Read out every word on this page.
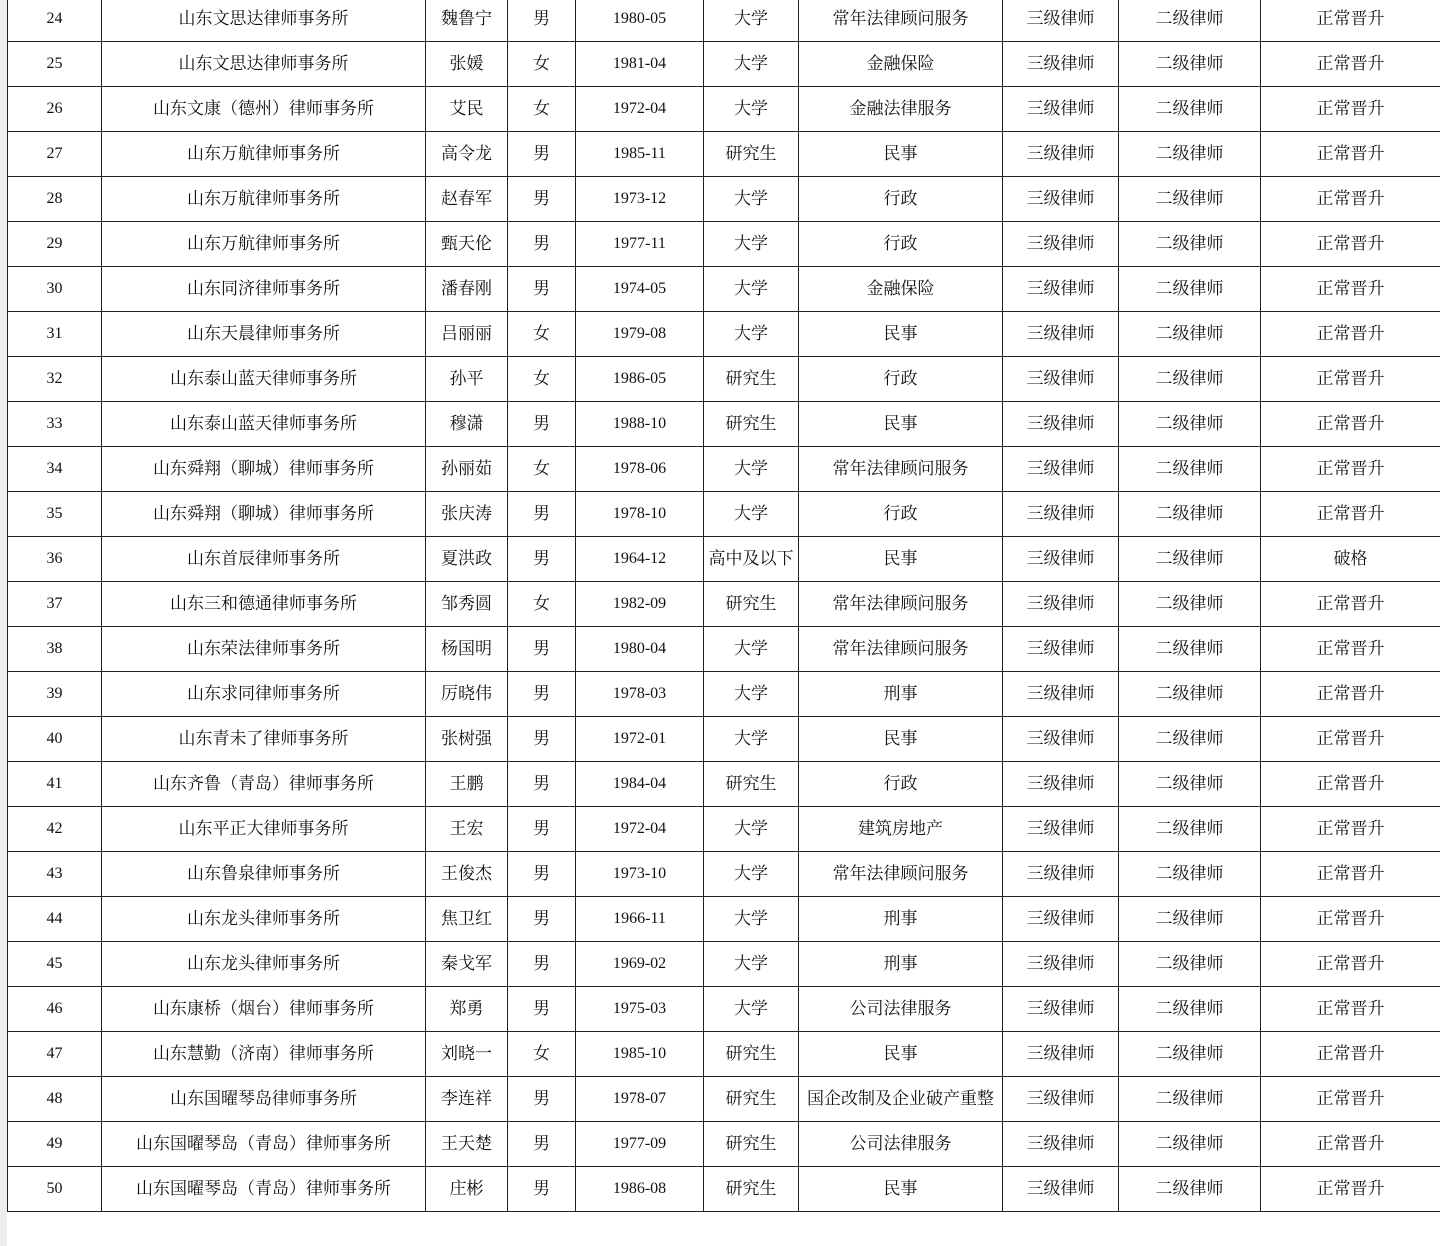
24	山东文思达律师事务所	魏鲁宁	男	1980-05	大学	常年法律顾问服务	三级律师	二级律师	正常晋升

25	山东文思达律师事务所	张媛	女	1981-04	大学	金融保险	三级律师	二级律师	正常晋升

26	山东文康（德州）律师事务所	艾民	女	1972-04	大学	金融法律服务	三级律师	二级律师	正常晋升

27	山东万航律师事务所	高令龙	男	1985-11	研究生	民事	三级律师	二级律师	正常晋升

28	山东万航律师事务所	赵春军	男	1973-12	大学	行政	三级律师	二级律师	正常晋升

29	山东万航律师事务所	甄天伦	男	1977-11	大学	行政	三级律师	二级律师	正常晋升

30	山东同济律师事务所	潘春刚	男	1974-05	大学	金融保险	三级律师	二级律师	正常晋升

31	山东天晨律师事务所	吕丽丽	女	1979-08	大学	民事	三级律师	二级律师	正常晋升

32	山东泰山蓝天律师事务所	孙平	女	1986-05	研究生	行政	三级律师	二级律师	正常晋升

33	山东泰山蓝天律师事务所	穆潇	男	1988-10	研究生	民事	三级律师	二级律师	正常晋升

34	山东舜翔（聊城）律师事务所	孙丽茹	女	1978-06	大学	常年法律顾问服务	三级律师	二级律师	正常晋升

35	山东舜翔（聊城）律师事务所	张庆涛	男	1978-10	大学	行政	三级律师	二级律师	正常晋升

36	山东首辰律师事务所	夏洪政	男	1964-12	高中及以下	民事	三级律师	二级律师	破格

37	山东三和德通律师事务所	邹秀圆	女	1982-09	研究生	常年法律顾问服务	三级律师	二级律师	正常晋升

38	山东荣法律师事务所	杨国明	男	1980-04	大学	常年法律顾问服务	三级律师	二级律师	正常晋升

39	山东求同律师事务所	厉晓伟	男	1978-03	大学	刑事	三级律师	二级律师	正常晋升

40	山东青未了律师事务所	张树强	男	1972-01	大学	民事	三级律师	二级律师	正常晋升

41	山东齐鲁（青岛）律师事务所	王鹏	男	1984-04	研究生	行政	三级律师	二级律师	正常晋升

42	山东平正大律师事务所	王宏	男	1972-04	大学	建筑房地产	三级律师	二级律师	正常晋升

43	山东鲁泉律师事务所	王俊杰	男	1973-10	大学	常年法律顾问服务	三级律师	二级律师	正常晋升

44	山东龙头律师事务所	焦卫红	男	1966-11	大学	刑事	三级律师	二级律师	正常晋升

45	山东龙头律师事务所	秦戈军	男	1969-02	大学	刑事	三级律师	二级律师	正常晋升

46	山东康桥（烟台）律师事务所	郑勇	男	1975-03	大学	公司法律服务	三级律师	二级律师	正常晋升

47	山东慧勤（济南）律师事务所	刘晓一	女	1985-10	研究生	民事	三级律师	二级律师	正常晋升

48	山东国曜琴岛律师事务所	李连祥	男	1978-07	研究生	国企改制及企业破产重整	三级律师	二级律师	正常晋升

49	山东国曜琴岛（青岛）律师事务所	王天楚	男	1977-09	研究生	公司法律服务	三级律师	二级律师	正常晋升

50	山东国曜琴岛（青岛）律师事务所	庄彬	男	1986-08	研究生	民事	三级律师	二级律师	正常晋升
